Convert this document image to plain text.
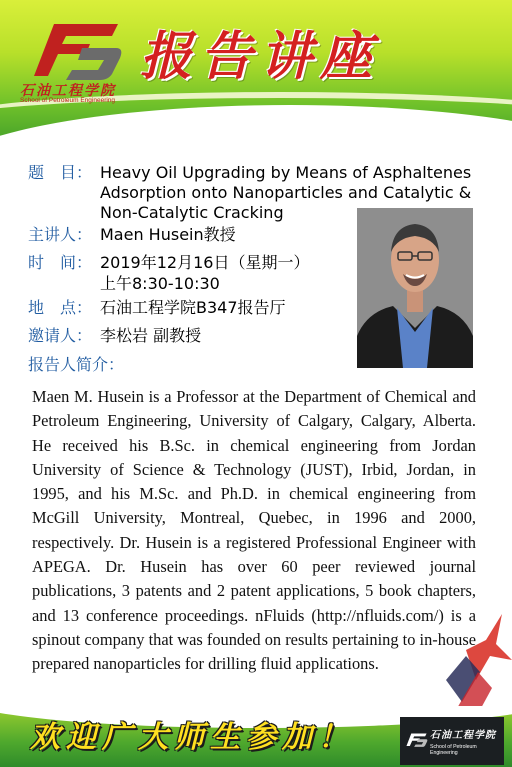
石油工程学院
School of Petroleum Engineering
报告讲座
题　目： Heavy Oil Upgrading by Means of Asphaltenes
Adsorption onto Nanoparticles and Catalytic &
Non-Catalytic Cracking
主讲人： Maen Husein教授
时　间： 2019年12月16日（星期一）
上午8:30-10:30
地　点： 石油工程学院B347报告厅
邀请人： 李松岩 副教授
报告人简介：
Maen M. Husein is a Professor at the Department of Chemical and Petroleum Engineering, University of Calgary, Calgary, Alberta. He received his B.Sc. in chemical engineering from Jordan University of Science & Technology (JUST), Irbid, Jordan, in 1995, and his M.Sc. and Ph.D. in chemical engineering from McGill University, Montreal, Quebec, in 1996 and 2000, respectively. Dr. Husein is a registered Professional Engineer with APEGA. Dr. Husein has over 60 peer reviewed journal publications, 3 patents and 2 patent applications, 5 book chapters, and 13 conference proceedings. nFluids (http://nfluids.com/) is a spinout company that was founded on results pertaining to in-house prepared nanoparticles for drilling fluid applications.
欢迎广大师生参加！	石油工程学院
School of Petroleum Engineering
